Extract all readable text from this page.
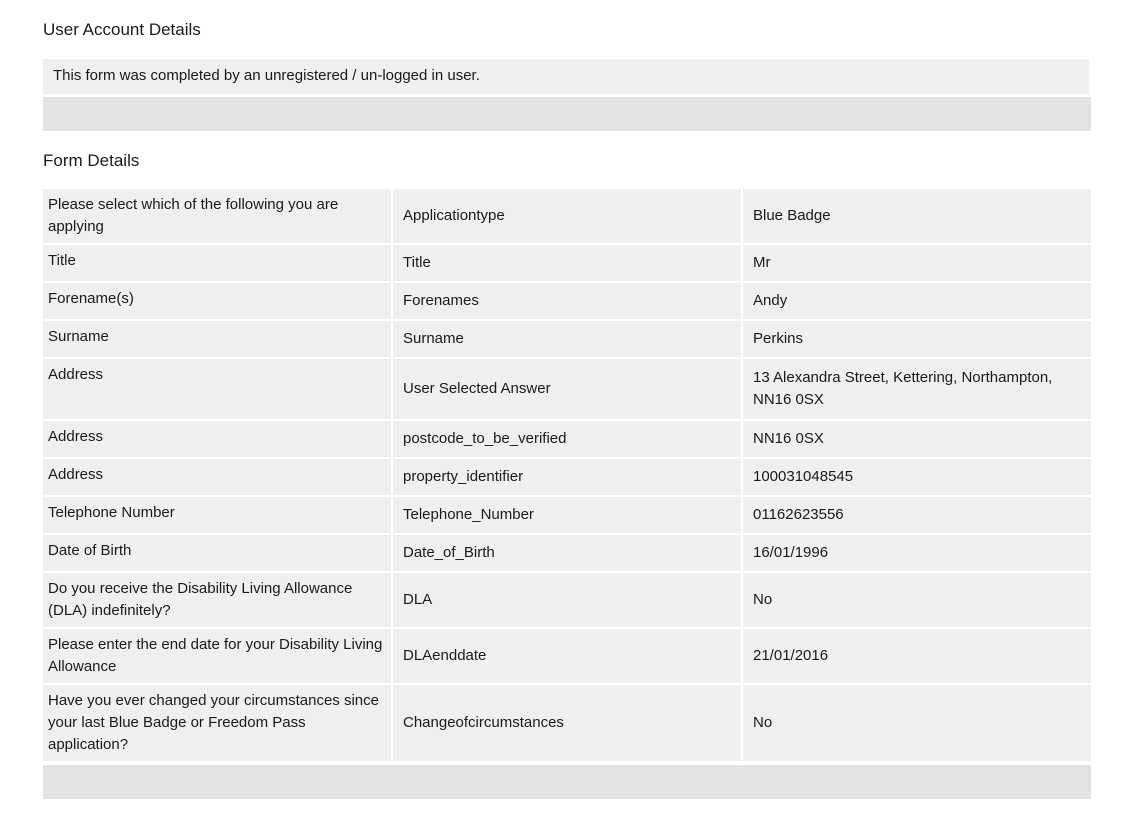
User Account Details
This form was completed by an unregistered / un-logged in user.
Form Details
Please select which of the following you are applying	Applicationtype	Blue Badge
Title	Title	Mr
Forename(s)	Forenames	Andy
Surname	Surname	Perkins
Address	User Selected Answer	13 Alexandra Street, Kettering, Northampton, NN16 0SX
Address	postcode_to_be_verified	NN16 0SX
Address	property_identifier	100031048545
Telephone Number	Telephone_Number	01162623556
Date of Birth	Date_of_Birth	16/01/1996
Do you receive the Disability Living Allowance (DLA) indefinitely?	DLA	No
Please enter the end date for your Disability Living Allowance	DLAenddate	21/01/2016
Have you ever changed your circumstances since your last Blue Badge or Freedom Pass application?	Changeofcircumstances	No
